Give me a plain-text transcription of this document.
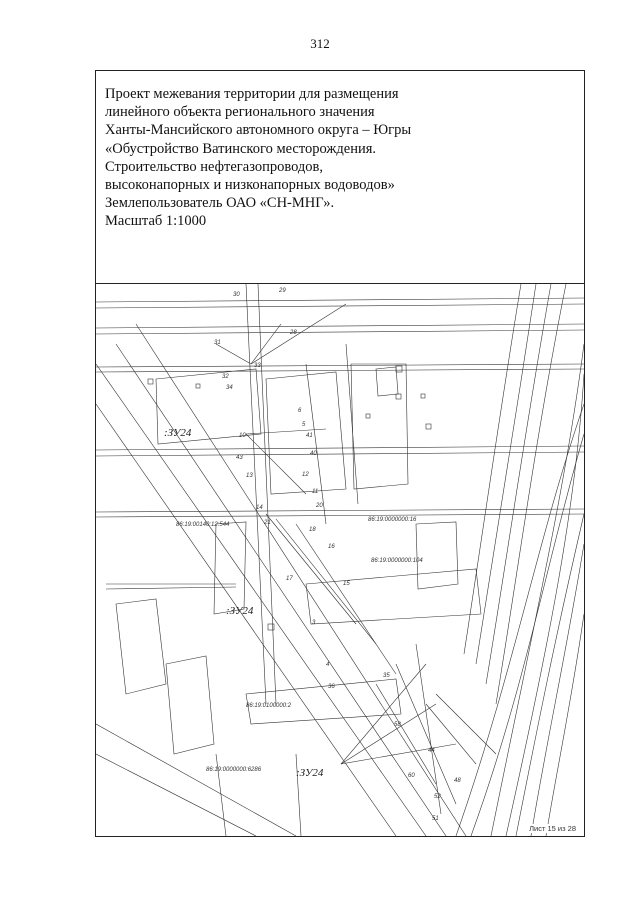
312
Проект межевания территории для размещения
линейного объекта регионального значения
Ханты-Мансийского автономного округа – Югры
«Обустройство Ватинского месторождения.
Строительство нефтегазопроводов,
высоконапорных и низконапорных водоводов»
Землепользователь ОАО «СН-МНГ».
Масштаб 1:1000
:ЗУ24
:ЗУ24
:ЗУ24
86:19:00140:12:544
86:19:0000000:16
86:19:0000000:104
86:19:0100000:2
86:19:0000000:6286
30
29
28
31
32
33
34
6
5
41
40
12
11
10
43
13
14
21
20
18
16
17
15
3
4
36
35
58
60
44
48
52
51
Лист 15 из 28
